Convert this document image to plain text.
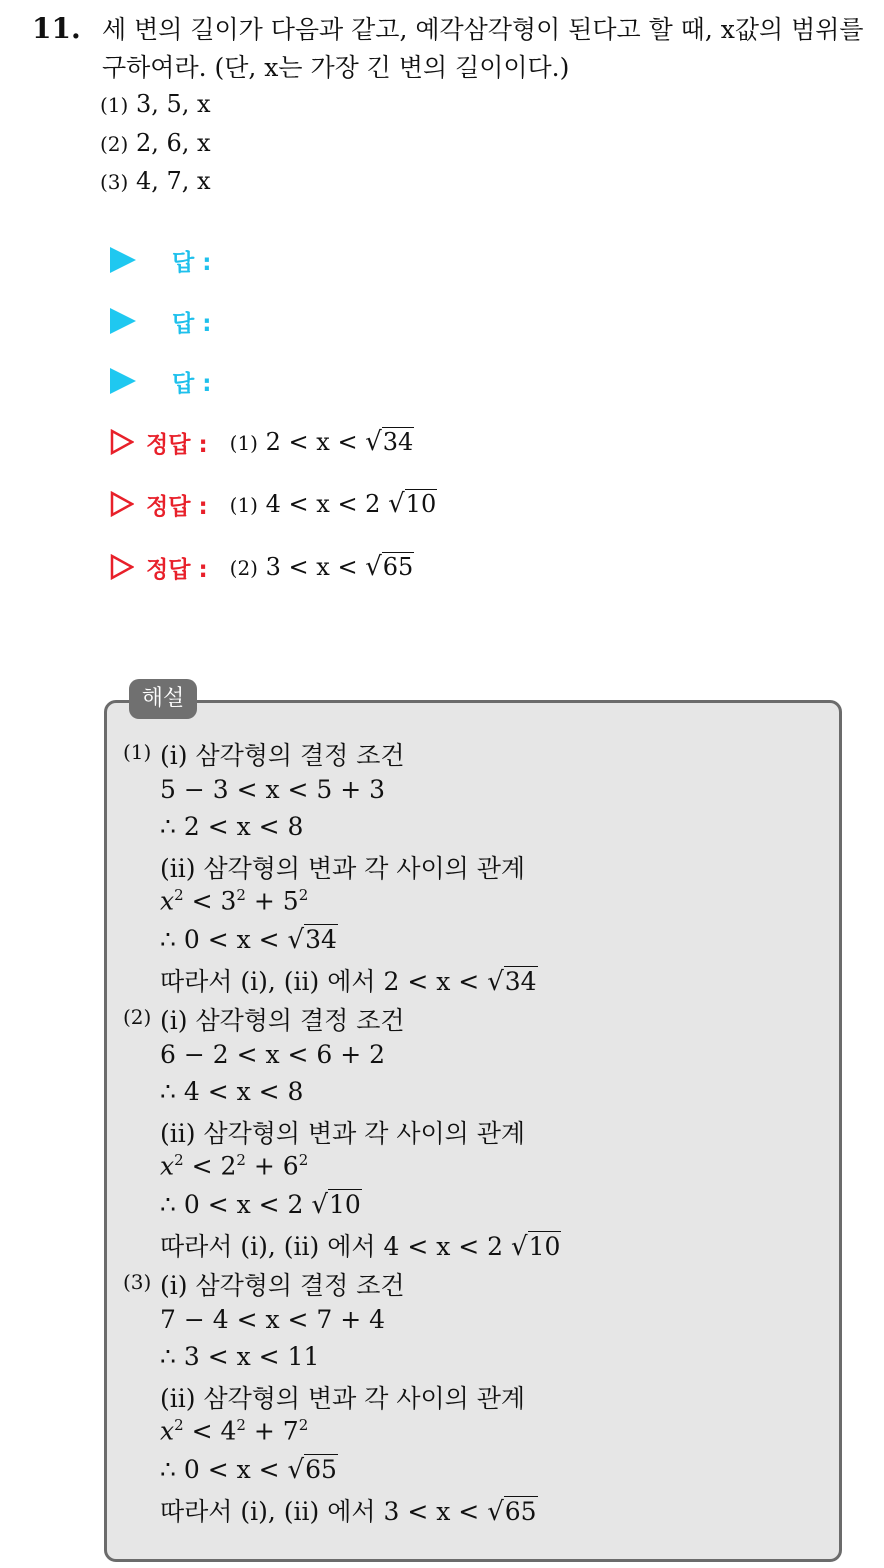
11. 세 변의 길이가 다음과 같고, 예각삼각형이 된다고 할 때, x값의 범위를
구하여라. (단, x는 가장 긴 변의 길이이다.)
(1) 3, 5, x
(2) 2, 6, x
(3) 4, 7, x
답 :
답 :
답 :
정답 : (1) 2 < x < √34
정답 : (1) 4 < x < 2 √10
정답 : (2) 3 < x < √65
해설
(1) (i) 삼각형의 결정 조건
5 − 3 < x < 5 + 3
∴ 2 < x < 8
(ii) 삼각형의 변과 각 사이의 관계
$x^2 < 3^2 + 5^2$
∴ 0 < x < √34
따라서 (i), (ii) 에서 2 < x < √34
(2) (i) 삼각형의 결정 조건
6 − 2 < x < 6 + 2
∴ 4 < x < 8
(ii) 삼각형의 변과 각 사이의 관계
$x^2 < 2^2 + 6^2$
∴ 0 < x < 2 √10
따라서 (i), (ii) 에서 4 < x < 2 √10
(3) (i) 삼각형의 결정 조건
7 − 4 < x < 7 + 4
∴ 3 < x < 11
(ii) 삼각형의 변과 각 사이의 관계
$x^2 < 4^2 + 7^2$
∴ 0 < x < √65
따라서 (i), (ii) 에서 3 < x < √65
